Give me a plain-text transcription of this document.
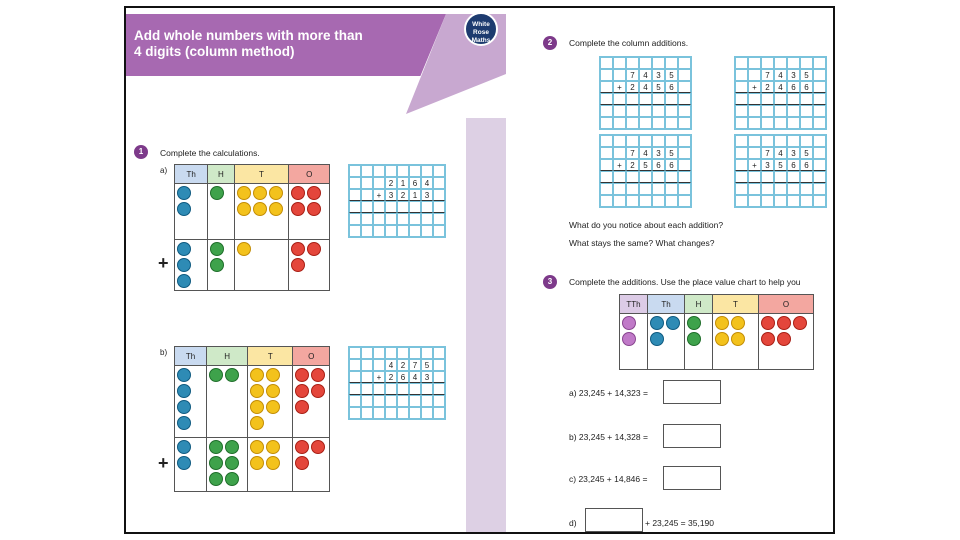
Add whole numbers with more than
4 digits (column method)
White Rose Maths
1	Complete the calculations.
a) Th	H	T	O

+
2 1 6 4
+ 3 2 1 3
b) Th	H	T	O

+
4 2 7 5
+ 2 6 4 3
2	Complete the column additions.
7	4	3	5
+	2	4	5	6
7	4	3	5
+	2	4	6	6
7	4	3	5
+	2	5	6	6
7	4	3	5
+	3	5	6	6
What do you notice about each addition?
What stays the same? What changes?
3	Complete the additions. Use the place value chart to help you
TTh	Th	H	T	O

a) 23,245 + 14,323 =
b) 23,245 + 14,328 =
c) 23,245 + 14,846 =
d)	+ 23,245 = 35,190
